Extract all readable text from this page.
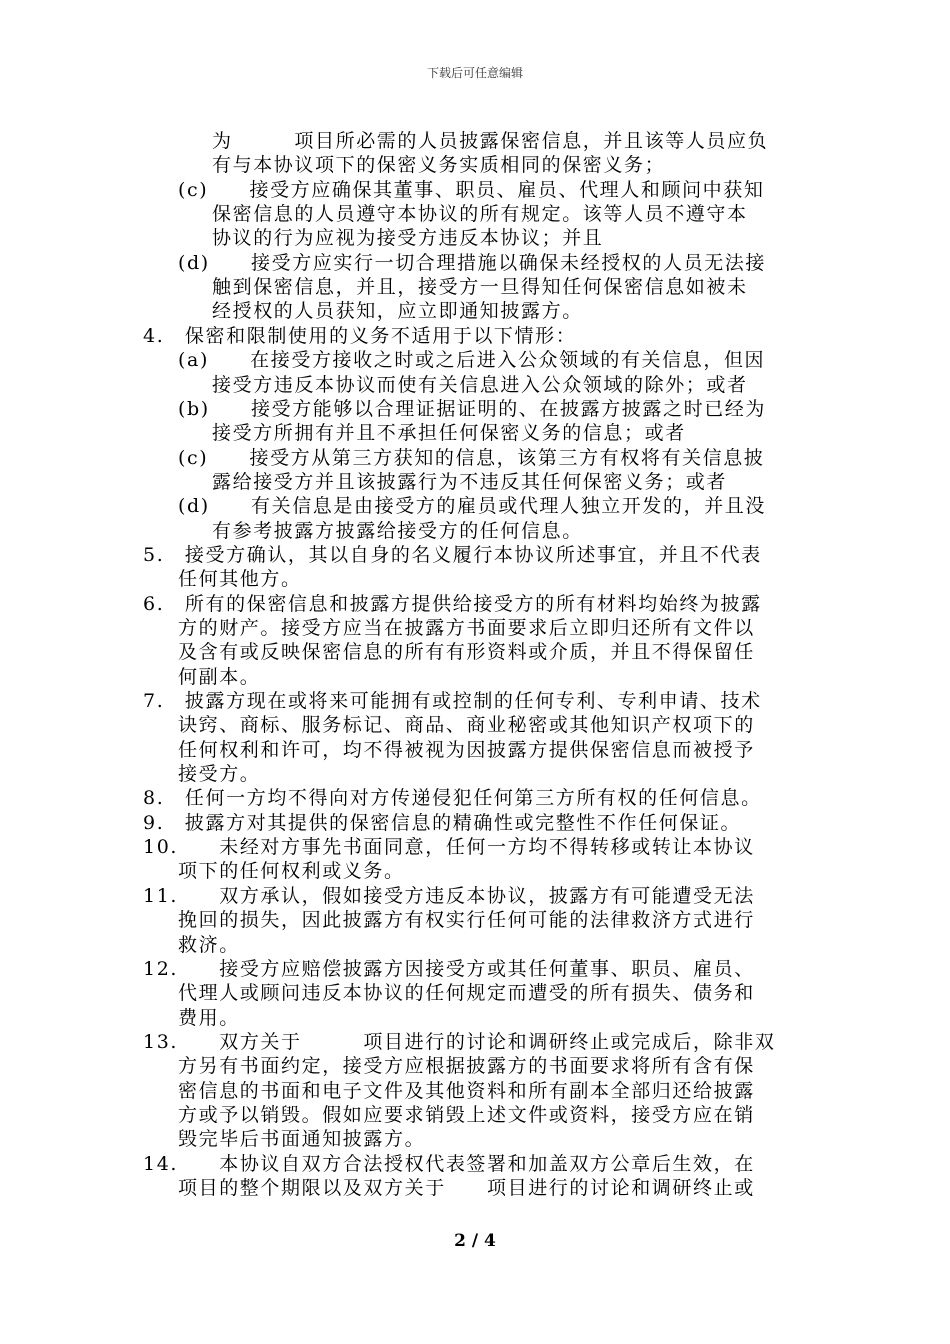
下载后可任意编辑
为　　　项目所必需的人员披露保密信息，并且该等人员应负
有与本协议项下的保密义务实质相同的保密义务；
(c)　　接受方应确保其董事、职员、雇员、代理人和顾问中获知
保密信息的人员遵守本协议的所有规定。该等人员不遵守本
协议的行为应视为接受方违反本协议；并且
(d)　　接受方应实行一切合理措施以确保未经授权的人员无法接
触到保密信息，并且，接受方一旦得知任何保密信息如被未
经授权的人员获知，应立即通知披露方。
4.　保密和限制使用的义务不适用于以下情形：
(a)　　在接受方接收之时或之后进入公众领域的有关信息，但因
接受方违反本协议而使有关信息进入公众领域的除外；或者
(b)　　接受方能够以合理证据证明的、在披露方披露之时已经为
接受方所拥有并且不承担任何保密义务的信息；或者
(c)　　接受方从第三方获知的信息，该第三方有权将有关信息披
露给接受方并且该披露行为不违反其任何保密义务；或者
(d)　　有关信息是由接受方的雇员或代理人独立开发的，并且没
有参考披露方披露给接受方的任何信息。
5.　接受方确认，其以自身的名义履行本协议所述事宜，并且不代表
任何其他方。
6.　所有的保密信息和披露方提供给接受方的所有材料均始终为披露
方的财产。接受方应当在披露方书面要求后立即归还所有文件以
及含有或反映保密信息的所有有形资料或介质，并且不得保留任
何副本。
7.　披露方现在或将来可能拥有或控制的任何专利、专利申请、技术
诀窍、商标、服务标记、商品、商业秘密或其他知识产权项下的
任何权利和许可，均不得被视为因披露方提供保密信息而被授予
接受方。
8.　任何一方均不得向对方传递侵犯任何第三方所有权的任何信息。
9.　披露方对其提供的保密信息的精确性或完整性不作任何保证。
10.　　未经对方事先书面同意，任何一方均不得转移或转让本协议
项下的任何权利或义务。
11.　　双方承认，假如接受方违反本协议，披露方有可能遭受无法
挽回的损失，因此披露方有权实行任何可能的法律救济方式进行
救济。
12.　　接受方应赔偿披露方因接受方或其任何董事、职员、雇员、
代理人或顾问违反本协议的任何规定而遭受的所有损失、债务和
费用。
13.　　双方关于　　　项目进行的讨论和调研终止或完成后，除非双
方另有书面约定，接受方应根据披露方的书面要求将所有含有保
密信息的书面和电子文件及其他资料和所有副本全部归还给披露
方或予以销毁。假如应要求销毁上述文件或资料，接受方应在销
毁完毕后书面通知披露方。
14.　　本协议自双方合法授权代表签署和加盖双方公章后生效，在
项目的整个期限以及双方关于　　项目进行的讨论和调研终止或
2 / 4
